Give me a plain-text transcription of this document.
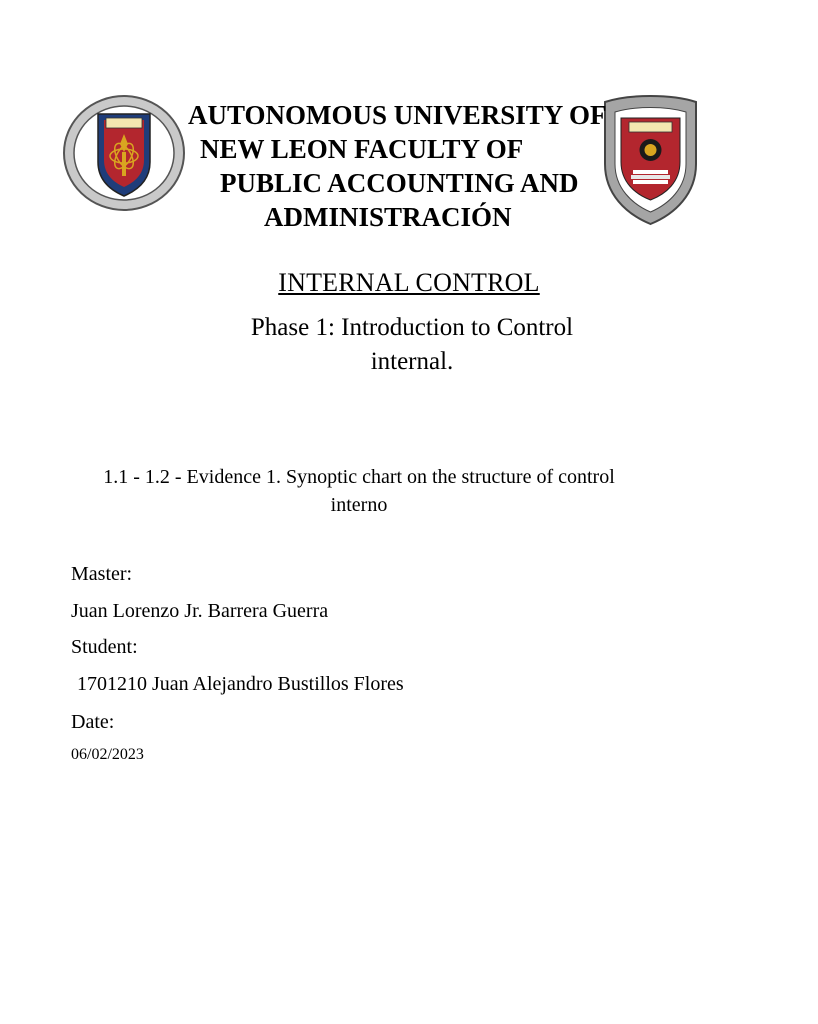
AUTONOMOUS UNIVERSITY OF
NEW LEON FACULTY OF
PUBLIC ACCOUNTING AND
ADMINISTRACIÓN
INTERNAL CONTROL
Phase 1: Introduction to Control internal.
1.1 - 1.2 - Evidence 1. Synoptic chart on the structure of control interno
Master:
Juan Lorenzo Jr. Barrera Guerra
Student:
1701210 Juan Alejandro Bustillos Flores
Date:
06/02/2023
